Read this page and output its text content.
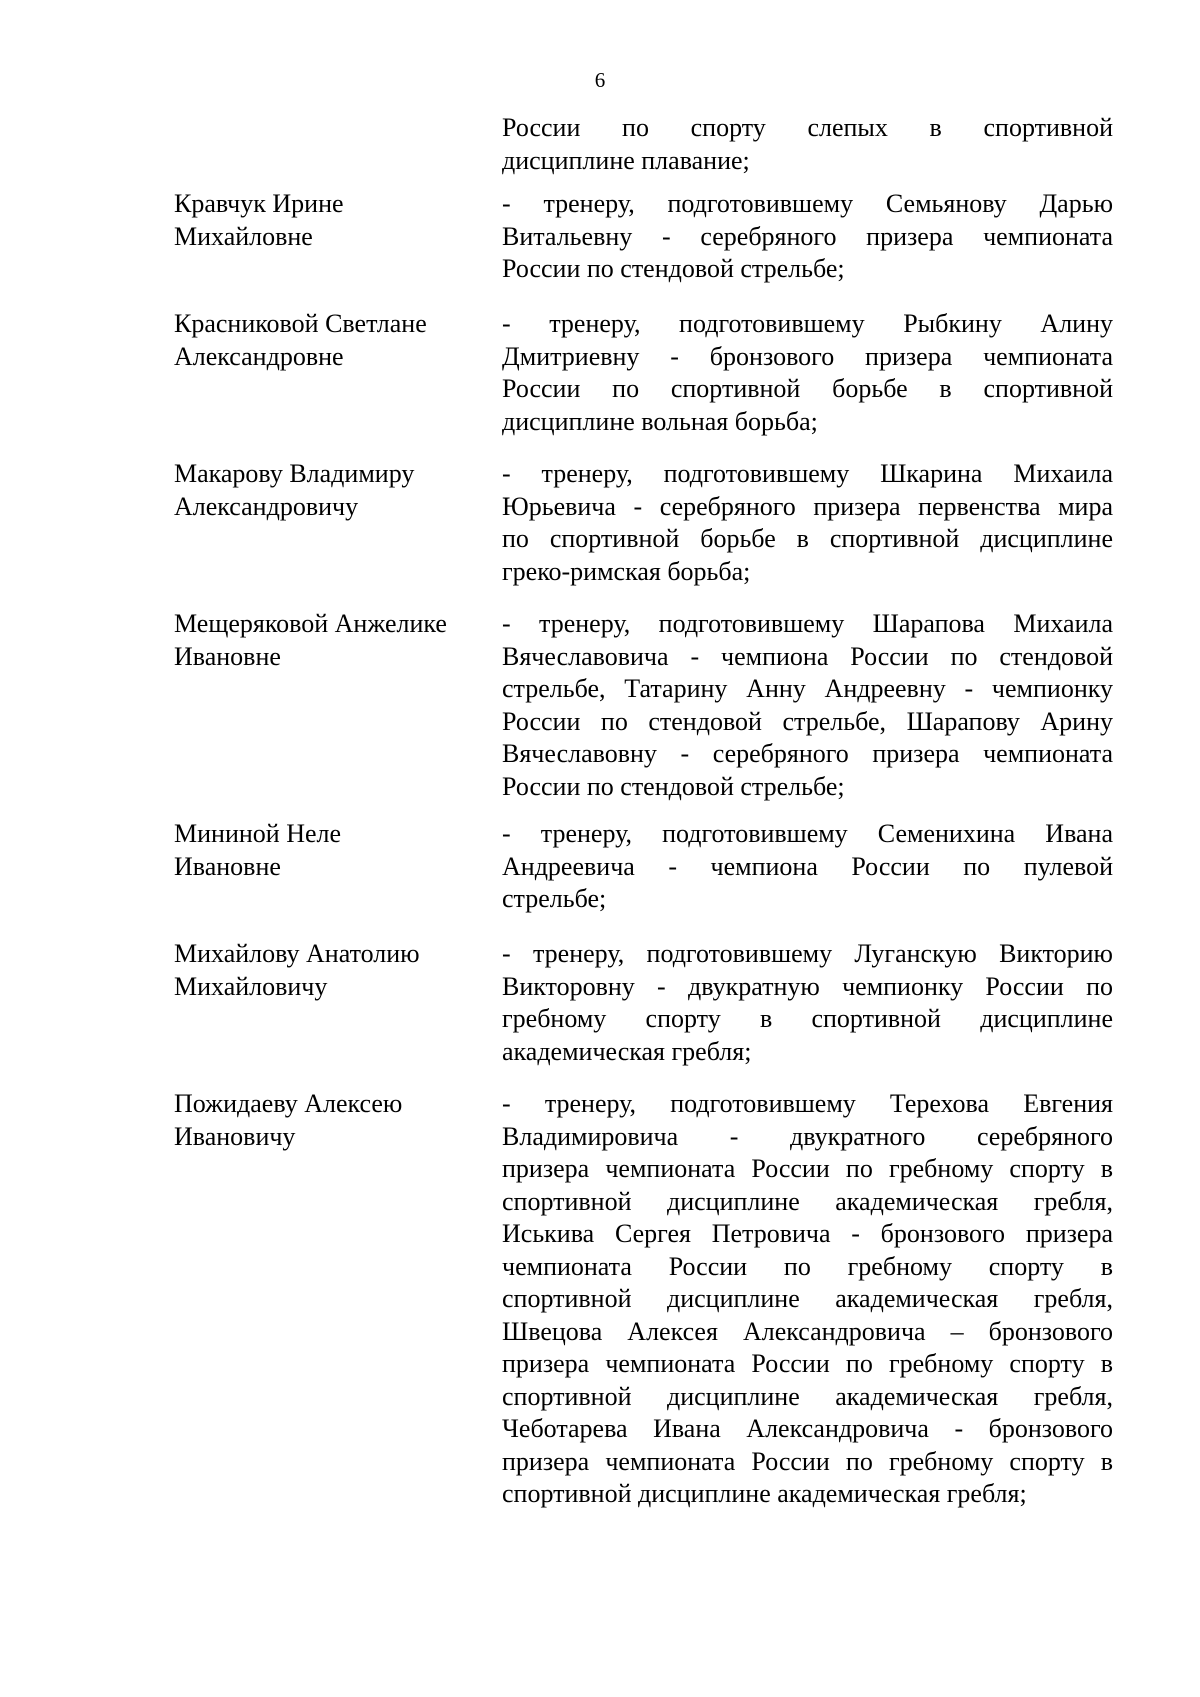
6
России по спорту слепых в спортивной
дисциплине плавание;
Кравчук Ирине
Михайловне
- тренеру, подготовившему Семьянову Дарью
Витальевну - серебряного призера чемпионата
России по стендовой стрельбе;
Красниковой Светлане
Александровне
- тренеру, подготовившему Рыбкину Алину
Дмитриевну - бронзового призера чемпионата
России по спортивной борьбе в спортивной
дисциплине вольная борьба;
Макарову Владимиру
Александровичу
- тренеру, подготовившему Шкарина Михаила
Юрьевича - серебряного призера первенства мира
по спортивной борьбе в спортивной дисциплине
греко-римская борьба;
Мещеряковой Анжелике
Ивановне
- тренеру, подготовившему Шарапова Михаила
Вячеславовича - чемпиона России по стендовой
стрельбе, Татарину Анну Андреевну - чемпионку
России по стендовой стрельбе, Шарапову Арину
Вячеславовну - серебряного призера чемпионата
России по стендовой стрельбе;
Мининой Неле
Ивановне
- тренеру, подготовившему Семенихина Ивана
Андреевича - чемпиона России по пулевой
стрельбе;
Михайлову Анатолию
Михайловичу
- тренеру, подготовившему Луганскую Викторию
Викторовну - двукратную чемпионку России по
гребному спорту в спортивной дисциплине
академическая гребля;
Пожидаеву Алексею
Ивановичу
- тренеру, подготовившему Терехова Евгения
Владимировича - двукратного серебряного
призера чемпионата России по гребному спорту в
спортивной дисциплине академическая гребля,
Иськива Сергея Петровича - бронзового призера
чемпионата России по гребному спорту в
спортивной дисциплине академическая гребля,
Швецова Алексея Александровича – бронзового
призера чемпионата России по гребному спорту в
спортивной дисциплине академическая гребля,
Чеботарева Ивана Александровича - бронзового
призера чемпионата России по гребному спорту в
спортивной дисциплине академическая гребля;
